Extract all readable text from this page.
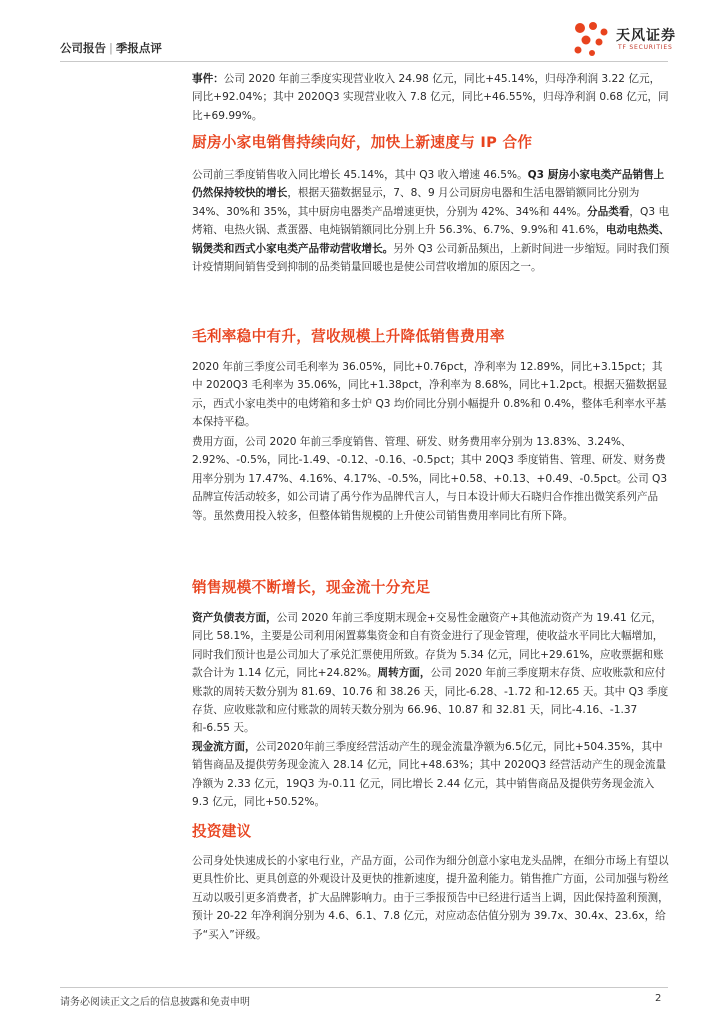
公司报告 | 季报点评
天风证券
TF SECURITIES

事件：公司 2020 年前三季度实现营业收入 24.98 亿元，同比+45.14%，归母净利润 3.22 亿元，同比+92.04%；其中 2020Q3 实现营业收入 7.8 亿元，同比+46.55%，归母净利润 0.68 亿元，同比+69.99%。

厨房小家电销售持续向好，加快上新速度与 IP 合作

公司前三季度销售收入同比增长 45.14%，其中 Q3 收入增速 46.5%。Q3 厨房小家电类产品销售上仍然保持较快的增长，根据天猫数据显示，7、8、9 月公司厨房电器和生活电器销额同比分别为 34%、30%和 35%，其中厨房电器类产品增速更快，分别为 42%、34%和 44%。分品类看，Q3 电烤箱、电热火锅、煮蛋器、电炖锅销额同比分别上升 56.3%、6.7%、9.9%和 41.6%，电动电热类、锅煲类和西式小家电类产品带动营收增长。另外 Q3 公司新品频出，上新时间进一步缩短。同时我们预计疫情期间销售受到抑制的品类销量回暖也是使公司营收增加的原因之一。

毛利率稳中有升，营收规模上升降低销售费用率

2020 年前三季度公司毛利率为 36.05%，同比+0.76pct，净利率为 12.89%，同比+3.15pct；其中 2020Q3 毛利率为 35.06%，同比+1.38pct，净利率为 8.68%，同比+1.2pct。根据天猫数据显示，西式小家电类中的电烤箱和多士炉 Q3 均价同比分别小幅提升 0.8%和 0.4%，整体毛利率水平基本保持平稳。

费用方面，公司 2020 年前三季度销售、管理、研发、财务费用率分别为 13.83%、3.24%、2.92%、-0.5%，同比-1.49、-0.12、-0.16、-0.5pct；其中 20Q3 季度销售、管理、研发、财务费用率分别为 17.47%、4.16%、4.17%、-0.5%，同比+0.58、+0.13、+0.49、-0.5pct。公司 Q3 品牌宣传活动较多，如公司请了禹兮作为品牌代言人，与日本设计师大石晓归合作推出微笑系列产品等。虽然费用投入较多，但整体销售规模的上升使公司销售费用率同比有所下降。

销售规模不断增长，现金流十分充足

资产负债表方面，公司 2020 年前三季度期末现金+交易性金融资产+其他流动资产为 19.41 亿元，同比 58.1%，主要是公司利用闲置募集资金和自有资金进行了现金管理，使收益水平同比大幅增加，同时我们预计也是公司加大了承兑汇票使用所致。存货为 5.34 亿元，同比+29.61%，应收票据和账款合计为 1.14 亿元，同比+24.82%。周转方面，公司 2020 年前三季度期末存货、应收账款和应付账款的周转天数分别为 81.69、10.76 和 38.26 天，同比-6.28、-1.72 和-12.65 天。其中 Q3 季度存货、应收账款和应付账款的周转天数分别为 66.96、10.87 和 32.81 天，同比-4.16、-1.37 和-6.55 天。

现金流方面，公司2020年前三季度经营活动产生的现金流量净额为6.5亿元，同比+504.35%，其中销售商品及提供劳务现金流入 28.14 亿元，同比+48.63%；其中 2020Q3 经营活动产生的现金流量净额为 2.33 亿元，19Q3 为-0.11 亿元，同比增长 2.44 亿元，其中销售商品及提供劳务现金流入 9.3 亿元，同比+50.52%。

投资建议

公司身处快速成长的小家电行业，产品方面，公司作为细分创意小家电龙头品牌，在细分市场上有望以更具性价比、更具创意的外观设计及更快的推新速度，提升盈利能力。销售推广方面，公司加强与粉丝互动以吸引更多消费者，扩大品牌影响力。由于三季报预告中已经进行适当上调，因此保持盈利预测，预计 20-22 年净利润分别为 4.6、6.1、7.8 亿元，对应动态估值分别为 39.7x、30.4x、23.6x，给予“买入”评级。

请务必阅读正文之后的信息披露和免责申明	2
